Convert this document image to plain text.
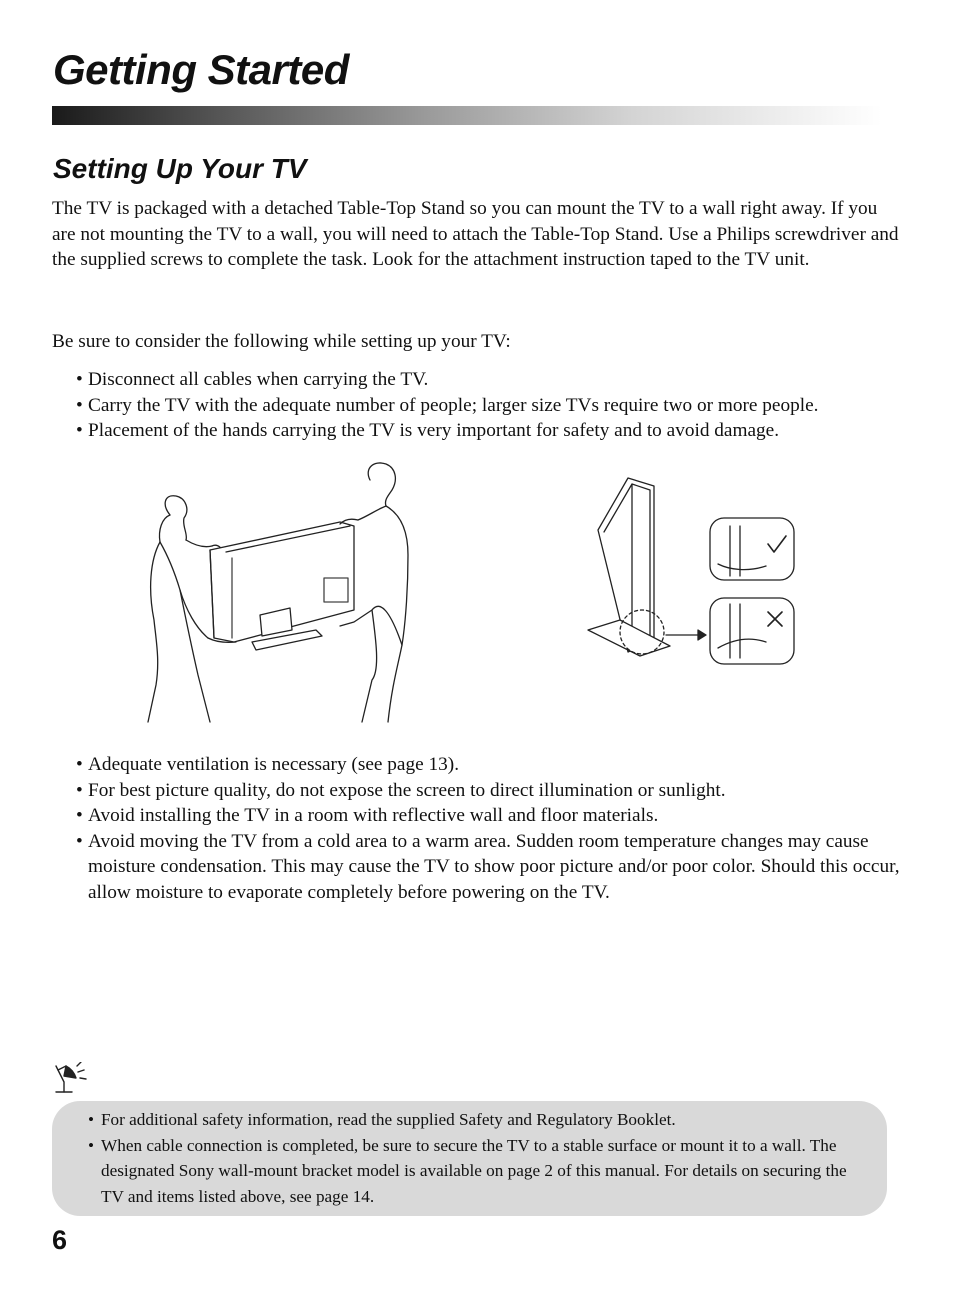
Getting Started
Setting Up Your TV

The TV is packaged with a detached Table-Top Stand so you can mount the TV to a wall right away. If you are not mounting the TV to a wall, you will need to attach the Table-Top Stand. Use a Philips screwdriver and the supplied screws to complete the task. Look for the attachment instruction taped to the TV unit.

Be sure to consider the following while setting up your TV:

• Disconnect all cables when carrying the TV.
• Carry the TV with the adequate number of people; larger size TVs require two or more people.
• Placement of the hands carrying the TV is very important for safety and to avoid damage.
• Adequate ventilation is necessary (see page 13).
• For best picture quality, do not expose the screen to direct illumination or sunlight.
• Avoid installing the TV in a room with reflective wall and floor materials.
• Avoid moving the TV from a cold area to a warm area. Sudden room temperature changes may cause moisture condensation. This may cause the TV to show poor picture and/or poor color. Should this occur, allow moisture to evaporate completely before powering on the TV.
• For additional safety information, read the supplied Safety and Regulatory Booklet.
• When cable connection is completed, be sure to secure the TV to a stable surface or mount it to a wall. The designated Sony wall-mount bracket model is available on page 2 of this manual. For details on securing the TV and items listed above, see page 14.
6
